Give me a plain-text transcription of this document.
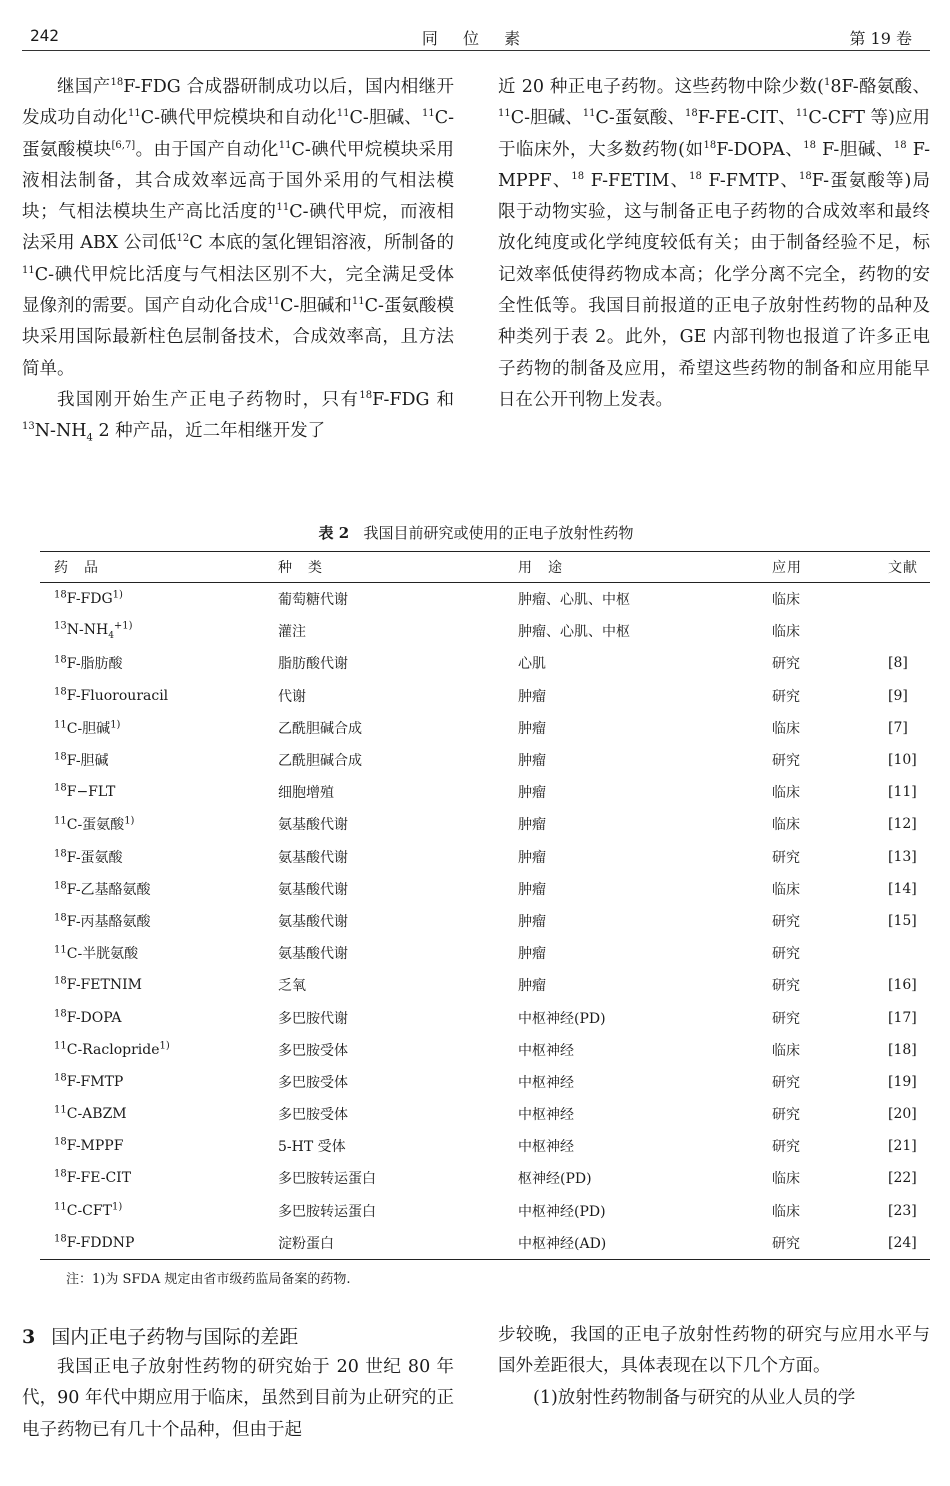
242	同 位 素	第 19 卷

继国产$^{18}$F-FDG 合成器研制成功以后，国内相继开发成功自动化$^{11}$C-碘代甲烷模块和自动化$^{11}$C-胆碱、$^{11}$C-蛋氨酸模块[6,7]。由于国产自动化$^{11}$C-碘代甲烷模块采用液相法制备，其合成效率远高于国外采用的气相法模块；气相法模块生产高比活度的$^{11}$C-碘代甲烷，而液相法采用 ABX 公司低$^{12}$C 本底的氢化锂铝溶液，所制备的$^{11}$C-碘代甲烷比活度与气相法区别不大，完全满足受体显像剂的需要。国产自动化合成$^{11}$C-胆碱和$^{11}$C-蛋氨酸模块采用国际最新柱色层制备技术，合成效率高，且方法简单。

我国刚开始生产正电子药物时，只有$^{18}$F-FDG 和$^{13}N-NH_4$ 2 种产品，近二年相继开发了

近 20 种正电子药物。这些药物中除少数($^1$8F-酪氨酸、$^{11}$C-胆碱、$^{11}$C-蛋氨酸、$^{18}$F-FE-CIT、$^{11}$C-CFT 等)应用于临床外，大多数药物(如$^{18}$F-DOPA、$^{18}$ F-胆碱、$^{18}$ F-MPPF、$^{18}$ F-FETIM、$^{18}$ F-FMTP、$^{18}$F-蛋氨酸等)局限于动物实验，这与制备正电子药物的合成效率和最终放化纯度或化学纯度较低有关；由于制备经验不足，标记效率低使得药物成本高；化学分离不完全，药物的安全性低等。我国目前报道的正电子放射性药物的品种及种类列于表 2。此外，GE 内部刊物也报道了许多正电子药物的制备及应用，希望这些药物的制备和应用能早日在公开刊物上发表。

表 2 我国目前研究或使用的正电子放射性药物
药　品	种　类	用　途	应用	文献
$^{18}$F-FDG$^{1)}$	葡萄糖代谢	肿瘤、心肌、中枢	临床	
$^{13}N-NH_4^{+1)}$	灌注	肿瘤、心肌、中枢	临床	
$^{18}$F-脂肪酸	脂肪酸代谢	心肌	研究	[8]
$^{18}$F-Fluorouracil	代谢	肿瘤	研究	[9]
$^{11}$C-胆碱$^{1)}$	乙酰胆碱合成	肿瘤	临床	[7]
$^{18}$F-胆碱	乙酰胆碱合成	肿瘤	研究	[10]
$^{18}$F−FLT	细胞增殖	肿瘤	临床	[11]
$^{11}$C-蛋氨酸$^{1)}$	氨基酸代谢	肿瘤	临床	[12]
$^{18}$F-蛋氨酸	氨基酸代谢	肿瘤	研究	[13]
$^{18}$F-乙基酪氨酸	氨基酸代谢	肿瘤	临床	[14]
$^{18}$F-丙基酪氨酸	氨基酸代谢	肿瘤	研究	[15]
$^{11}$C-半胱氨酸	氨基酸代谢	肿瘤	研究	
$^{18}$F-FETNIM	乏氧	肿瘤	研究	[16]
$^{18}$F-DOPA	多巴胺代谢	中枢神经(PD)	研究	[17]
$^{11}$C-Raclopride$^{1)}$	多巴胺受体	中枢神经	临床	[18]
$^{18}$F-FMTP	多巴胺受体	中枢神经	研究	[19]
$^{11}$C-ABZM	多巴胺受体	中枢神经	研究	[20]
$^{18}$F-MPPF	5-HT 受体	中枢神经	研究	[21]
$^{18}$F-FE-CIT	多巴胺转运蛋白	枢神经(PD)	临床	[22]
$^{11}$C-CFT$^{1)}$	多巴胺转运蛋白	中枢神经(PD)	临床	[23]
$^{18}$F-FDDNP	淀粉蛋白	中枢神经(AD)	研究	[24]
注：1)为 SFDA 规定由省市级药监局备案的药物.
3 国内正电子药物与国际的差距

我国正电子放射性药物的研究始于 20 世纪 80 年代，90 年代中期应用于临床，虽然到目前为止研究的正电子药物已有几十个品种，但由于起

步较晚，我国的正电子放射性药物的研究与应用水平与国外差距很大，具体表现在以下几个方面。

(1)放射性药物制备与研究的从业人员的学
